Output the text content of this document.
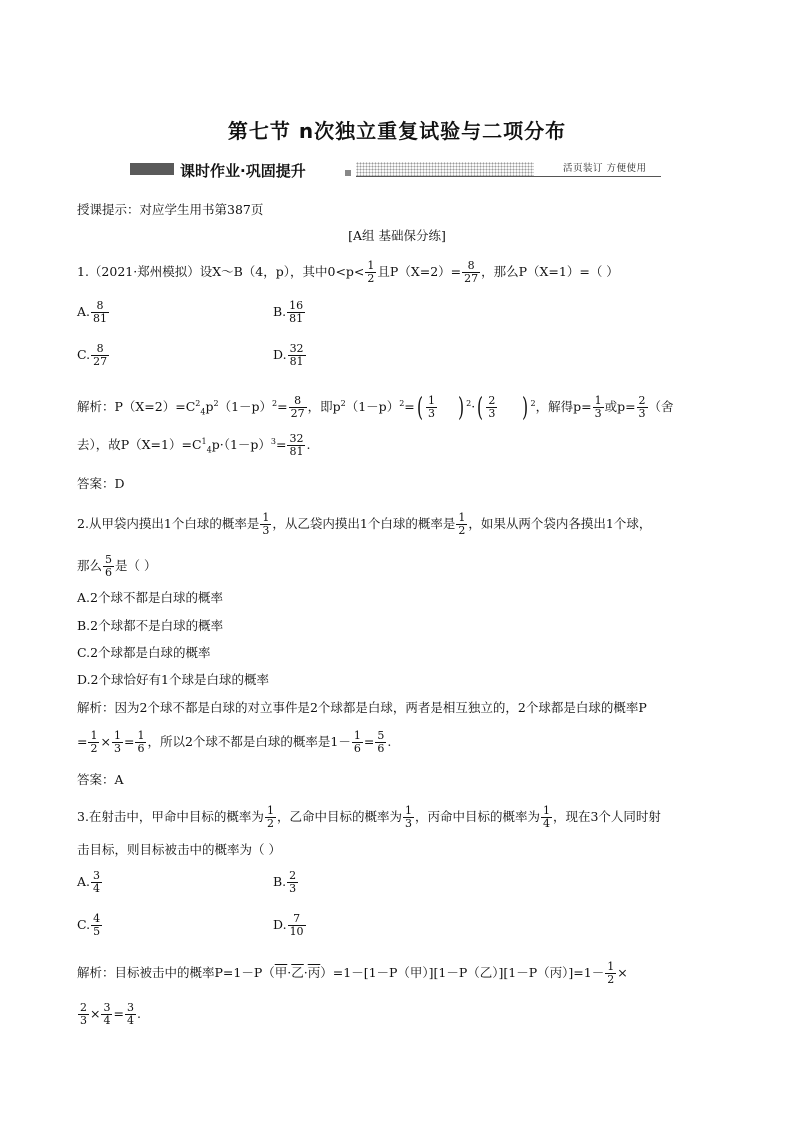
第七节 n次独立重复试验与二项分布
课时作业·巩固提升	活页装订 方便使用
授课提示：对应学生用书第387页
[A组 基础保分练]
1.（2021·郑州模拟）设X～B（4，p），其中$0<p< \frac{1}{2}$ 且$P(X=2)= \frac{8}{27}$ ，那么P（X=1）=（ ）
A. $\frac{8}{81}$	B. $\frac{16}{81}$
C. $\frac{8}{27}$	D. $\frac{32}{81}$
解析：$P(X=2)=C^2_4p^2(1-p)^2= \frac{8}{27}$ ，即$p^2(1-p)^2=( \frac{1}{3}$ ) $^2\cdot( \frac{2}{3}$ ) $^2$，解得$p= \frac{1}{3}$ 或$p= \frac{2}{3}$ （舍
去），故$P(X=1)=C^1_4p\cdot(1-p)^3= \frac{32}{81}$ .
答案：D
2.从甲袋内摸出1个白球的概率是 $\frac{1}{3}$ ，从乙袋内摸出1个白球的概率是 $\frac{1}{2}$ ，如果从两个袋内各摸出1个球，
那么 $\frac{5}{6}$ 是（ ）
A.2个球不都是白球的概率
B.2个球都不是白球的概率
C.2个球都是白球的概率
D.2个球恰好有1个球是白球的概率
解析：因为2个球不都是白球的对立事件是2个球都是白球，两者是相互独立的，2个球都是白球的概率P
= $\frac{1}{2} \times \frac{1}{3} = \frac{1}{6}$ ，所以2个球不都是白球的概率是$1- \frac{1}{6} = \frac{5}{6}$ .
答案：A
3.在射击中，甲命中目标的概率为 $\frac{1}{2}$ ，乙命中目标的概率为 $\frac{1}{3}$ ，丙命中目标的概率为 $\frac{1}{4}$ ，现在3个人同时射
击目标，则目标被击中的概率为（ ）
A. $\frac{3}{4}$	B. $\frac{2}{3}$
C. $\frac{4}{5}$	D. $\frac{7}{10}$
解析：目标被击中的概率P=1－P（甲·乙·丙）=1－[1－P（甲）][1－P（乙）][1－P（丙）]$=1- \frac{1}{2}$ ×
$\frac{2}{3} \times \frac{3}{4} = \frac{3}{4}$ .
